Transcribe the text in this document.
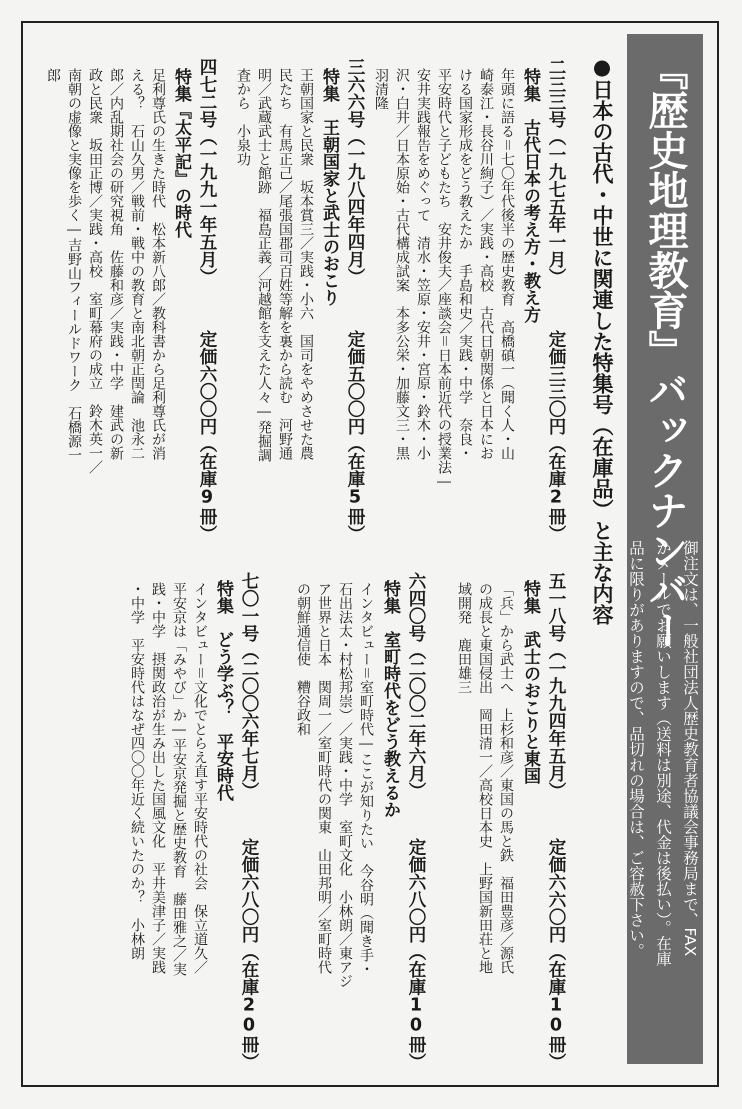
『歴史地理教育』バックナンバー
御注文は、一般社団法人歴史教育者協議会事務局まで、FAX
かメールでお願いします（送料は別途、代金は後払い）。在庫
品に限りがありますので、品切れの場合は、ご容赦下さい。
●日本の古代・中世に関連した特集号（在庫品）と主な内容
二三三号（一九七五年一月）
定価三三〇円（在庫2冊）
特集　古代日本の考え方・教え方
年頭に語る＝七〇年代後半の歴史教育　高橋磌一（聞く人・山
崎泰江・長谷川絢子）／実践・高校　古代日朝関係と日本にお
ける国家形成をどう教えたか　手島和史／実践・中学　奈良・
平安時代と子どもたち　安井俊夫／座談会＝日本前近代の授業法―
安井実践報告をめぐって　清水・笠原・安井・宮原・鈴木・小
沢・白井／日本原始・古代構成試案　本多公栄・加藤文三・黒
羽清隆
五一八号（一九九四年五月）
定価六六〇円（在庫10冊）
特集　武士のおこりと東国
「兵」から武士へ　上杉和彦／東国の馬と鉄　福田豊彦／源氏
の成長と東国侵出　岡田清一／高校日本史　上野国新田荘と地
域開発　鹿田雄三
三六六号（一九八四年四月）
定価五〇〇円（在庫5冊）
特集　王朝国家と武士のおこり
王朝国家と民衆　坂本賞三／実践・小六　国司をやめさせた農
民たち　有馬正己／尾張国郡司百姓等解を裏から読む　河野通
明／武蔵武士と館跡　福島正義／河越館を支えた人々―発掘調
査から　小泉功
六四〇号（二〇〇二年六月）
定価六八〇円（在庫10冊）
特集　室町時代をどう教えるか
インタビュー＝室町時代―ここが知りたい　今谷明（聞き手・
石出法太・村松邦崇）／実践・中学　室町文化　小林朗／東アジ
ア世界と日本　関周一／室町時代の関東　山田邦明／室町時代
の朝鮮通信使　糟谷政和
四七二号（一九九一年五月）
定価六〇〇円（在庫9冊）
特集『太平記』の時代
足利尊氏の生きた時代　松本新八郎／教科書から足利尊氏が消
える？　石山久男／戦前・戦中の教育と南北朝正閏論　池永二
郎／内乱期社会の研究視角　佐藤和彦／実践・中学　建武の新
政と民衆　坂田正博／実践・高校　室町幕府の成立　鈴木英一／
南朝の虚像と実像を歩く―吉野山フィールドワーク　石橋源一
郎
七〇一号（二〇〇六年七月）
定価六八〇円（在庫20冊）
特集　どう学ぶ？　平安時代
インタビュー＝文化でとらえ直す平安時代の社会　保立道久／
平安京は「みやび」か―平安京発掘と歴史教育　藤田雅之／実
践・中学　摂関政治が生み出した国風文化　平井美津子／実践
・中学　平安時代はなぜ四〇〇年近く続いたのか？　小林朗
